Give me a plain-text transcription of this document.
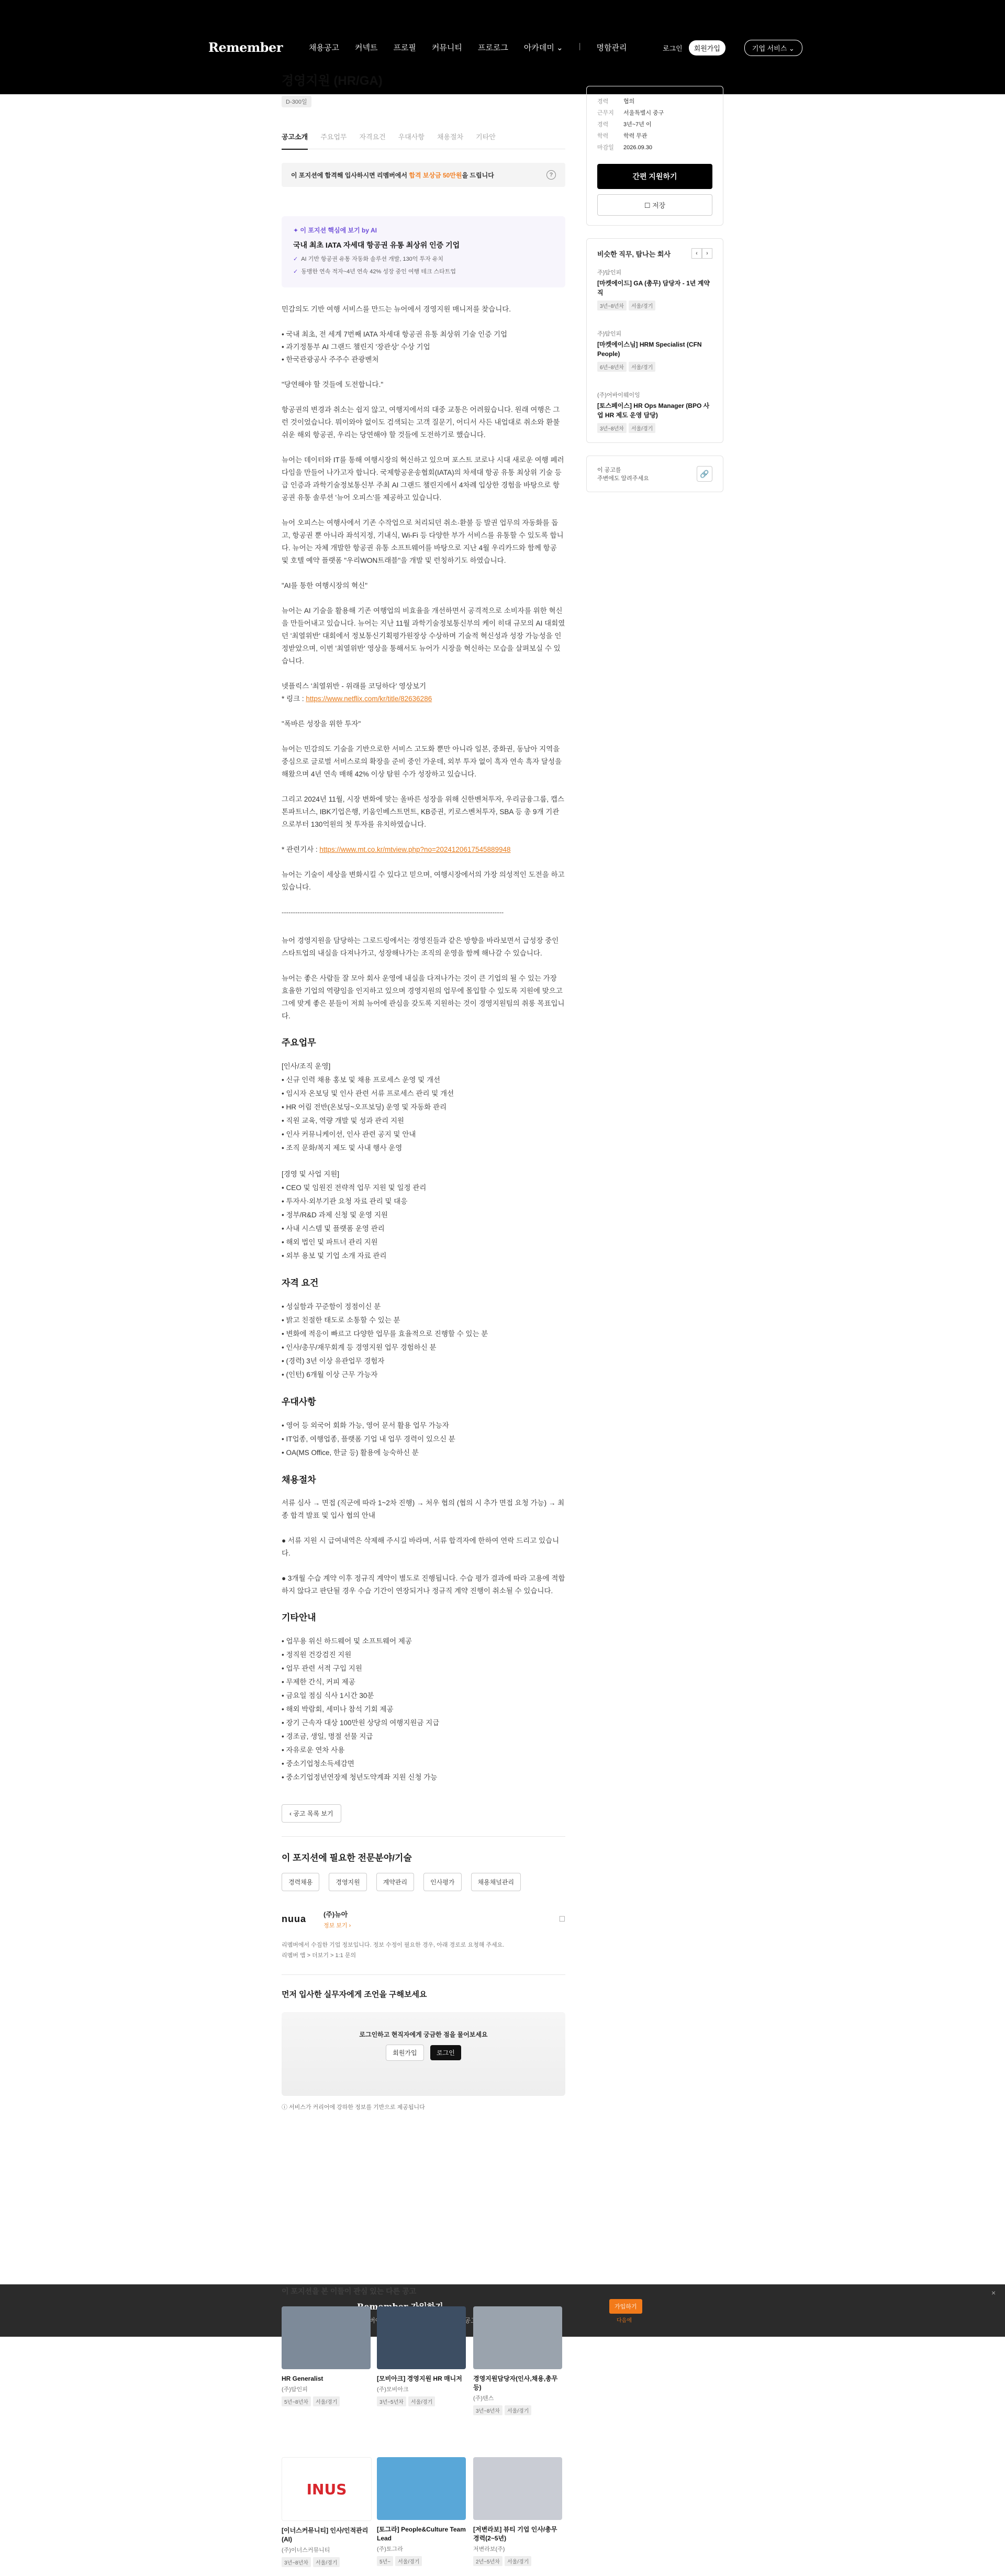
Remember	채용공고 커넥트 프로필 커뮤니티 프로로그 아카데미 ⌄ | 명함관리	로그인	회원가입	기업 서비스 ⌄
경영지원 (HR/GA)
D-300일
공고소개 주요업무 자격요건 우대사항 채용절차 기타안
이 포지션에 합격해 입사하시면 리멤버에서 합격 보상금 50만원을 드립니다	?
✦ 이 포지션 핵심에 보기 by AI
국내 최초 IATA 자세대 항공권 유통 최상위 인증 기업
✓ AI 기반 항공권 유통 자동화 솔루션 개발, 130억 투자 유치
✓ 동맹한 연속 적자~4년 연속 42% 성장 중인 여행 테크 스타트업

민감의도 기반 여행 서비스를 만드는 뉴어에서 경영지원 매니저를 찾습니다.

• 국내 최초, 전 세계 7번째 IATA 차세대 항공권 유통 최상위 기술 인증 기업
• 과기정통부 AI 그랜드 챌린지 '장관상' 수상 기업
• 한국관광공사 주주수 관광벤처

"당연해야 할 것들에 도전합니다."

항공권의 변경과 취소는 쉽지 않고, 여행지에서의 대중 교통은 어려웠습니다. 원래 여행은 그런 것이었습니다. 뭐이와야 없이도 검색되는 고객 질문기, 어디서 사든 내업대로 취소와 환불 쉬운 해외 항공권, 우리는 당연해야 할 것들에 도전하기로 했습니다.

뉴어는 데이터와 IT를 통해 여행시장의 혁신하고 있으며 포스트 코로나 시대 새로운 여행 페러다임을 만들어 나가고자 합니다. 국제항공운송협회(IATA)의 차세대 항공 유통 최상위 기술 등급 인증과 과학기술정보통신부 주최 AI 그랜드 챌린지에서 4차례 입상한 경험을 바탕으로 항공권 유통 솔루션 '뉴어 오피스'를 제공하고 있습니다.

뉴어 오피스는 여행사에서 기존 수작업으로 처리되던 취소·환불 등 발권 업무의 자동화를 돕고, 항공권 뿐 아니라 좌석지정, 기내식, Wi-Fi 등 다양한 부가 서비스를 유통할 수 있도록 합니다. 뉴어는 자체 개발한 항공권 유통 소프트웨어를 바탕으로 지난 4월 우리카드와 함께 항공 및 호텔 예약 플랫폼 "우리WON트래블"을 개발 및 런칭하기도 하였습니다.

"AI를 통한 여행시장의 혁신"

뉴어는 AI 기술을 활용해 기존 여행업의 비효율을 개선하면서 공격적으로 소비자를 위한 혁신을 만들어내고 있습니다. 뉴어는 지난 11월 과학기술정보통신부의 케이 히대 규모의 AI 대회였던 '최열위반' 대회에서 정보통신기획평가원장상 수상하며 기술적 혁신성과 성장 가능성을 인정받았으며, 이번 '최열위반' 영상을 통해서도 뉴어가 시장을 혁신하는 모습을 살펴보실 수 있습니다.

넷플릭스 '최열위반 - 위래를 코딩하다' 영상보기
* 링크 : https://www.netflix.com/kr/title/82636286

"폭바른 성장을 위한 투자"

뉴어는 민감의도 기술을 기반으로한 서비스 고도화 뿐만 아니라 일본, 중화권, 동남아 지역을 중심으로 글로벌 서비스로의 확장을 준비 중인 가운데, 외부 투자 없이 흑자 연속 흑자 달성을 해왔으며 4년 연속 매해 42% 이상 탐원 수가 성장하고 있습니다.

그리고 2024년 11월, 시장 변화에 맞는 올바른 성장을 위해 신한벤처투자, 우리금융그룹, 캡스톤파트너스, IBK기업은행, 키움인베스트먼트, KB증권, 키로스벤처투자, SBA 등 총 9개 기관으로부터 130억원의 첫 투자를 유치하였습니다.

* 관련기사 : https://www.mt.co.kr/mtview.php?no=2024120617545889948

뉴어는 기술이 세상을 변화시킬 수 있다고 믿으며, 여행시장에서의 가장 의성적인 도전을 하고 있습니다.

--------------------------------------------------------------------------------------------------

뉴어 경영지원을 담당하는 그로드링에서는 경영진들과 같은 방향을 바라보면서 급성장 중인 스타트업의 내실을 다져나가고, 성장해나가는 조직의 운영을 함께 해나갈 수 있습니다.

뉴어는 좋은 사람들 잘 모아 회사 운영에 내실을 다져나가는 것이 큰 기업의 될 수 있는 가장 효율한 기업의 역량임을 인지하고 있으며 경영지원의 업무에 몰입할 수 있도록 지원에 맞으고 그에 맞게 좋은 분들이 저희 뉴어에 관심을 갖도록 지원하는 것이 경영지원팀의 취롱 목표입니다.

주요업무
[인사/조직 운영]
• 신규 인력 채용 홍보 및 채용 프로세스 운영 및 개선
• 임시자 온보딩 및 인사 관련 서류 프로세스 관리 및 개선
• HR 어림 전반(온보딩~오프보딩) 운영 및 자동화 관리
• 직원 교육, 역량 개발 및 성과 관리 지원
• 인사 커뮤니케이션, 인사 관련 공지 및 안내
• 조직 문화/복지 제도 및 사내 행사 운영
[경영 및 사업 지원]
• CEO 및 임원진 전략적 업무 지원 및 일정 관리
• 투자사·외부기관 요청 자료 관리 및 대응
• 정부/R&D 과제 신청 및 운영 지원
• 사내 시스템 및 플랫폼 운영 관리
• 해외 법인 및 파트너 관리 지원
• 외부 용보 및 기업 소개 자료 관리
자격 요건
• 성실함과 꾸준함이 정점이신 분
• 밝고 친절한 태도로 소통할 수 있는 분
• 변화에 적응이 빠르고 다양한 업무를 효율적으로 진행할 수 있는 분
• 인사/총무/재무회계 등 경영지원 업무 경험하신 분
• (경력) 3년 이상 유관업무 경험자
• (인턴) 6개월 이상 근무 가능자
우대사항
• 영어 등 외국어 회화 가능, 영어 문서 활용 업무 가능자
• IT업종, 여행업종, 플랫폼 기업 내 업무 경력이 있으신 분
• OA(MS Office, 한글 등) 활용에 능숙하신 분
채용절차

서류 심사 → 면접 (직군에 따라 1~2차 진행) → 처우 협의 (협의 시 추가 면접 요청 가능) → 최종 합격 발표 및 입사 협의 안내

● 서류 지원 시 급여내역은 삭제해 주시길 바라며, 서류 합격자에 한하여 연락 드리고 있습니다.

● 3개월 수습 계약 이후 정규직 계약이 별도로 진행됩니다. 수습 평가 결과에 따라 고용에 적합하지 않다고 판단될 경우 수습 기간이 연장되거나 정규직 계약 진행이 취소될 수 있습니다.

기타안내
• 업무용 위신 하드웨어 및 소프트웨어 제공
• 정직원 건강검진 지원
• 업무 관련 서적 구입 지원
• 무제한 간식, 커피 제공
• 금요일 점심 식사 1시간 30분
• 해외 박람회, 세미나 참석 기회 제공
• 장기 근속자 대상 100만원 상당의 여행지원금 지급
• 경조금, 생일, 명절 선물 지급
• 자유로운 연차 사용
• 중소기업청소득세감면
• 중소기업정년연장제 청년도약계좌 지원 신청 가능
‹ 공고 목록 보기
이 포지션에 필요한 전문분야/기술
경력채용	경영지원	계약관리	인사평가	채용채널관리
nuua	(주)뉴아
정보 보기 ›
☐
리멤버에서 수집한 기업 정보입니다. 정보 수정이 필요한 경우, 아래 경로로 요청해 주세요.
리멤버 앱 > 더보기 > 1:1 문의
먼저 입사한 실무자에게 조언을 구해보세요
로그인하고 현직자에게 궁금한 점을 물어보세요
회원가입	로그인
ⓘ 서비스가 커리어에 강하한 정보를 기반으로 제공됩니다
경력	협의
근무지	서울특별시 중구
경력	3년~7년 이
학력	학력 무관
마감일	2026.09.30
간편 지원하기
☐ 저장
비슷한 직무, 탐나는 회사	‹	›
주)탐인피
[마켓에이드] GA (총무) 담당자 - 1년 계약직
3년~8년차 서울/경기
주)탐인피
[마켓에이스님] HRM Specialist (CFN People)
6년~8년차 서울/경기
(주)어바이웨이잉
[토스페이스] HR Ops Manager (BPO 사업 HR 제도 운영 담당)
3년~8년차 서울/경기
이 공고를
주변에도 알려주세요
🔗
가입하기
다음에
×
이 포지션을 본 이들이 관심 있는 다른 공고
HR Generalist
(주)탐인피
5년~8년차 서울/경기
[모비아크] 경영지원 HR 매니저
(주)모비아크
3년~5년차 서울/경기
경영지원담당자(인사,채용,총무 등)
(주)텐스
3년~8년차 서울/경기
INUS
[이너스커뮤니티] 인사/인적관리 (AI)
(주)이너스커뮤니티
3년~8년차 서울/경기
[토그라] People&Culture Team Lead
(주)토그라
5년~ 서울/경기
[저변라보] 뷰티 기업 인사/총무 경력(2~5년)
저변라보(주)
2년~5년차 서울/경기
